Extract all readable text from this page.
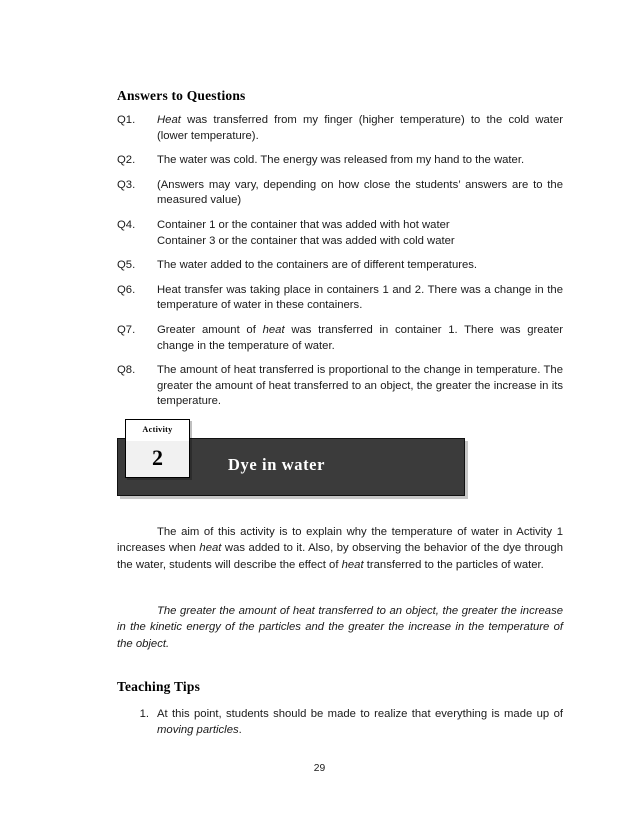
Answers to Questions
Q1.	Heat was transferred from my finger (higher temperature) to the cold water (lower temperature).
Q2.	The water was cold. The energy was released from my hand to the water.
Q3.	(Answers may vary, depending on how close the students’ answers are to the measured value)
Q4.	Container 1 or the container that was added with hot water
Container 3 or the container that was added with cold water
Q5.	The water added to the containers are of different temperatures.
Q6.	Heat transfer was taking place in containers 1 and 2. There was a change in the temperature of water in these containers.
Q7.	Greater amount of heat was transferred in container 1. There was greater change in the temperature of water.
Q8.	The amount of heat transferred is proportional to the change in temperature. The greater the amount of heat transferred to an object, the greater the increase in its temperature.
Dye in water
Activity
2

The aim of this activity is to explain why the temperature of water in Activity 1 increases when heat was added to it. Also, by observing the behavior of the dye through the water, students will describe the effect of heat transferred to the particles of water.

The greater the amount of heat transferred to an object, the greater the increase in the kinetic energy of the particles and the greater the increase in the temperature of the object.

Teaching Tips
1. At this point, students should be made to realize that everything is made up of moving particles.
29
